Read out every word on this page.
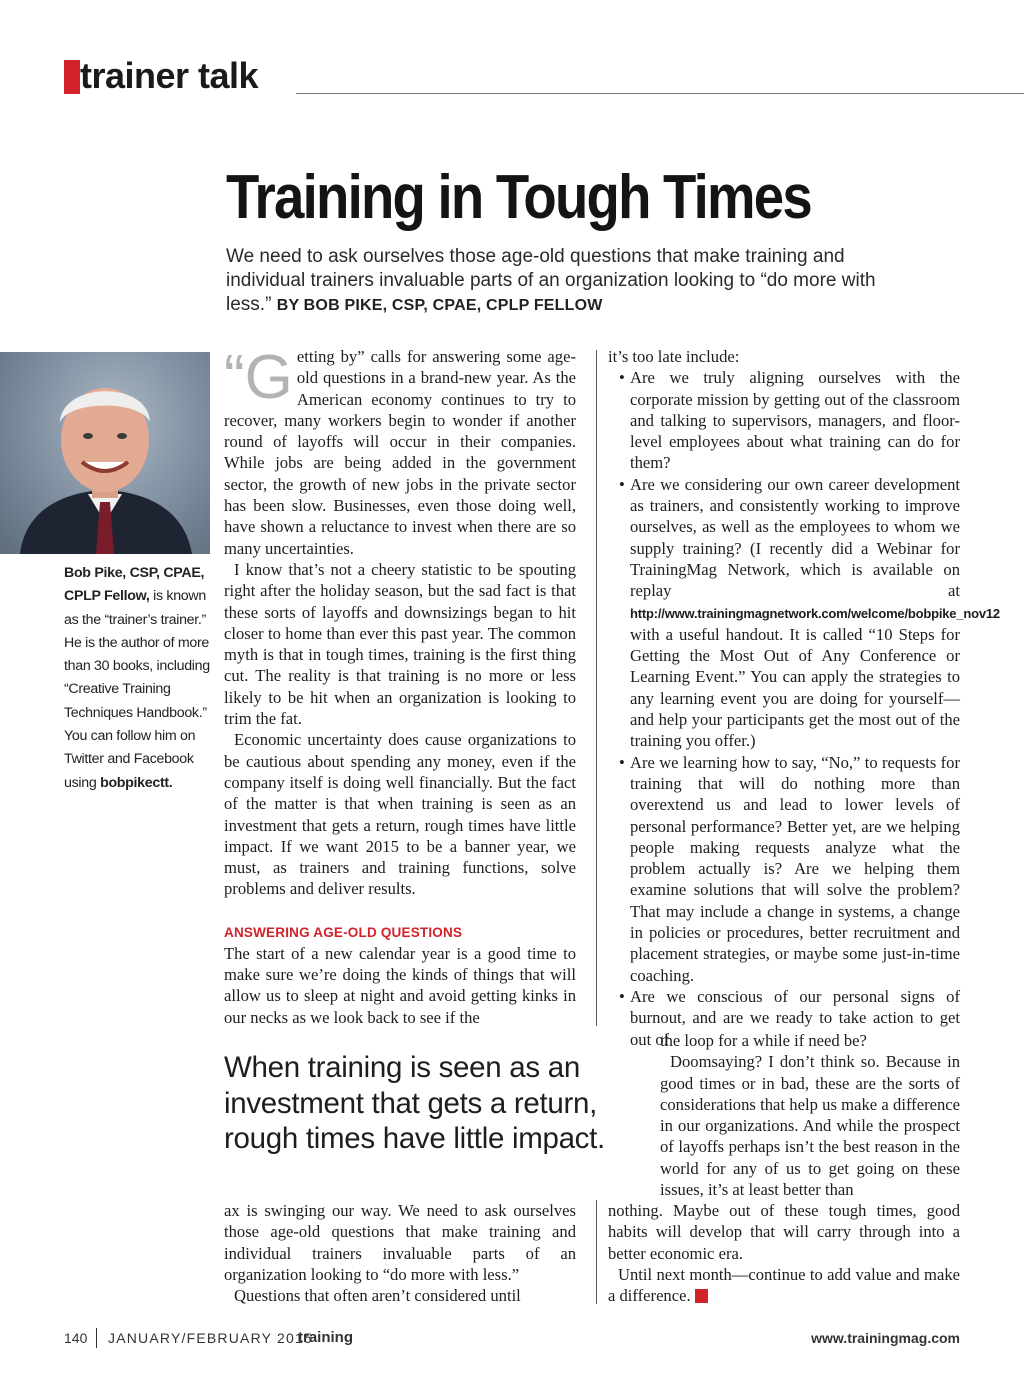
trainer talk
Training in Tough Times
We need to ask ourselves those age-old questions that make training and individual trainers invaluable parts of an organization looking to “do more with less.” BY BOB PIKE, CSP, CPAE, CPLP FELLOW
Bob Pike, CSP, CPAE, CPLP Fellow, is known as the “trainer’s trainer.” He is the author of more than 30 books, including “Creative Training Techniques Handbook.” You can follow him on Twitter and Facebook using bobpikectt.

“Getting by” calls for answering some age-old questions in a brand-new year. As the American economy continues to try to recover, many workers begin to wonder if another round of layoffs will occur in their companies. While jobs are being added in the government sector, the growth of new jobs in the private sector has been slow. Businesses, even those doing well, have shown a reluctance to invest when there are so many uncertainties.

I know that’s not a cheery statistic to be spouting right after the holiday season, but the sad fact is that these sorts of layoffs and downsizings began to hit closer to home than ever this past year. The common myth is that in tough times, training is the first thing cut. The reality is that training is no more or less likely to be hit when an organization is looking to trim the fat.

Economic uncertainty does cause organizations to be cautious about spending any money, even if the company itself is doing well financially. But the fact of the matter is that when training is seen as an investment that gets a return, rough times have little impact. If we want 2015 to be a banner year, we must, as trainers and training functions, solve problems and deliver results.

ANSWERING AGE-OLD QUESTIONS

The start of a new calendar year is a good time to make sure we’re doing the kinds of things that will allow us to sleep at night and avoid getting kinks in our necks as we look back to see if the

When training is seen as an investment that gets a return, rough times have little impact.

ax is swinging our way. We need to ask ourselves those age-old questions that make training and individual trainers invaluable parts of an organization looking to “do more with less.”

Questions that often aren’t considered until

it’s too late include:

• Are we truly aligning ourselves with the corporate mission by getting out of the classroom and talking to supervisors, managers, and floor-level employees about what training can do for them?
• Are we considering our own career development as trainers, and consistently working to improve ourselves, as well as the employees to whom we supply training? (I recently did a Webinar for TrainingMag Network, which is available on replay at http://www.trainingmagnetwork.com/welcome/bobpike_nov12 with a useful handout. It is called “10 Steps for Getting the Most Out of Any Conference or Learning Event.” You can apply the strategies to any learning event you are doing for yourself—and help your participants get the most out of the training you offer.)
• Are we learning how to say, “No,” to requests for training that will do nothing more than overextend us and lead to lower levels of personal performance? Better yet, are we helping people making requests analyze what the problem actually is? Are we helping them examine solutions that will solve the problem? That may include a change in systems, a change in policies or procedures, better recruitment and placement strategies, or maybe some just-in-time coaching.
• Are we conscious of our personal signs of burnout, and are we ready to take action to get out of

the loop for a while if need be?

Doomsaying? I don’t think so. Because in good times or in bad, these are the sorts of considerations that help us make a difference in our organizations. And while the prospect of layoffs perhaps isn’t the best reason in the world for any of us to get going on these issues, it’s at least better than

nothing. Maybe out of these tough times, good habits will develop that will carry through into a better economic era.

Until next month—continue to add value and make a difference.

140 JANUARY/FEBRUARY 2015
training	www.trainingmag.com
